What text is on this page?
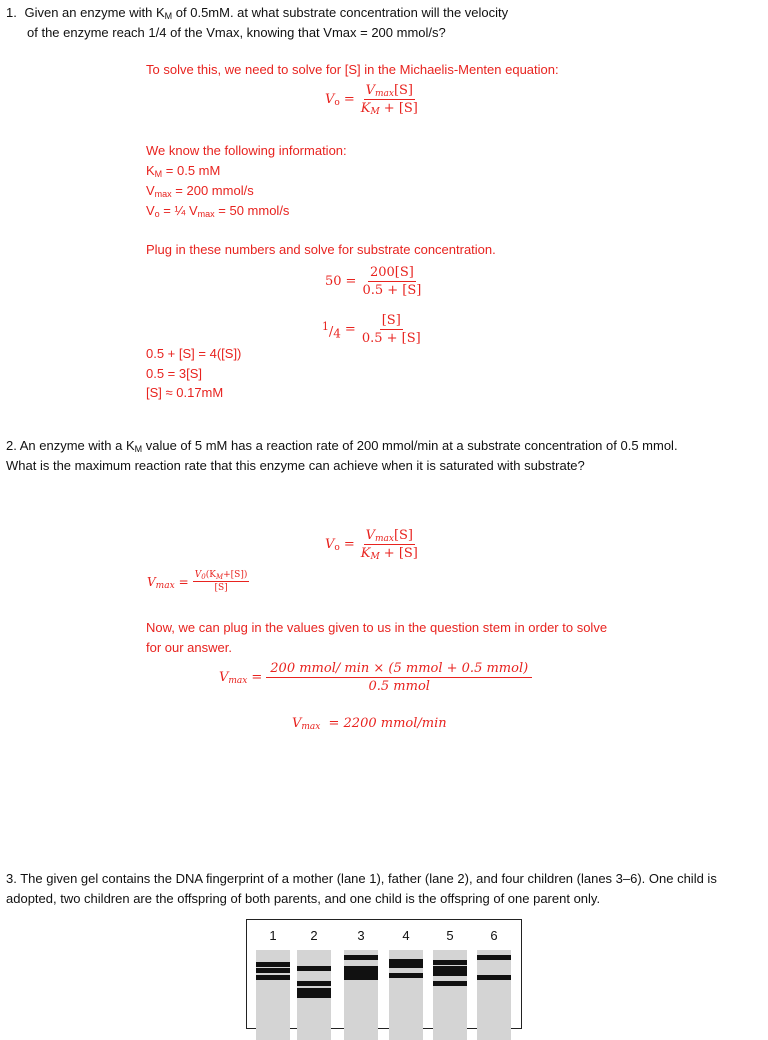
1. Given an enzyme with $K_M$ of 0.5mM. at what substrate concentration will the velocity
of the enzyme reach 1/4 of the Vmax, knowing that Vmax = 200 mmol/s?
To solve this, we need to solve for [S] in the Michaelis-Menten equation:
$V_o = \frac{V_{max}[S]}{K_M + [S]}$
We know the following information:
$K_M = 0.5$ mM
$V_{max} = 200$ mmol/s
$V_o$ = ¼ $V_{max} = 50$ mmol/s
Plug in these numbers and solve for substrate concentration.
$50 = \frac{200[S]}{0.5 + [S]}$
$^1/_4 = \frac{[S]}{0.5 + [S]}$
0.5 + [S] = 4([S])
0.5 = 3[S]
[S] ≈ 0.17mM
2. An enzyme with a $K_M$ value of 5 mM has a reaction rate of 200 mmol/min at a substrate concentration of 0.5 mmol.
What is the maximum reaction rate that this enzyme can achieve when it is saturated with substrate?
$V_o = \frac{V_{max}[S]}{K_M + [S]}$
$V_{max} = \frac{V_0(K_M+[S])}{[S]}$
Now, we can plug in the values given to us in the question stem in order to solve
for our answer.
$V_{max} = \frac{\text{200 mmol/ min × (5 mmol + 0.5 mmol)}}{\text{0.5 mmol}}$
$V_{max} = 2200$ mmol/min
3. The given gel contains the DNA fingerprint of a mother (lane 1), father (lane 2), and four children (lanes 3–6). One child is
adopted, two children are the offspring of both parents, and one child is the offspring of one parent only.
1	2	3	4	5	6
